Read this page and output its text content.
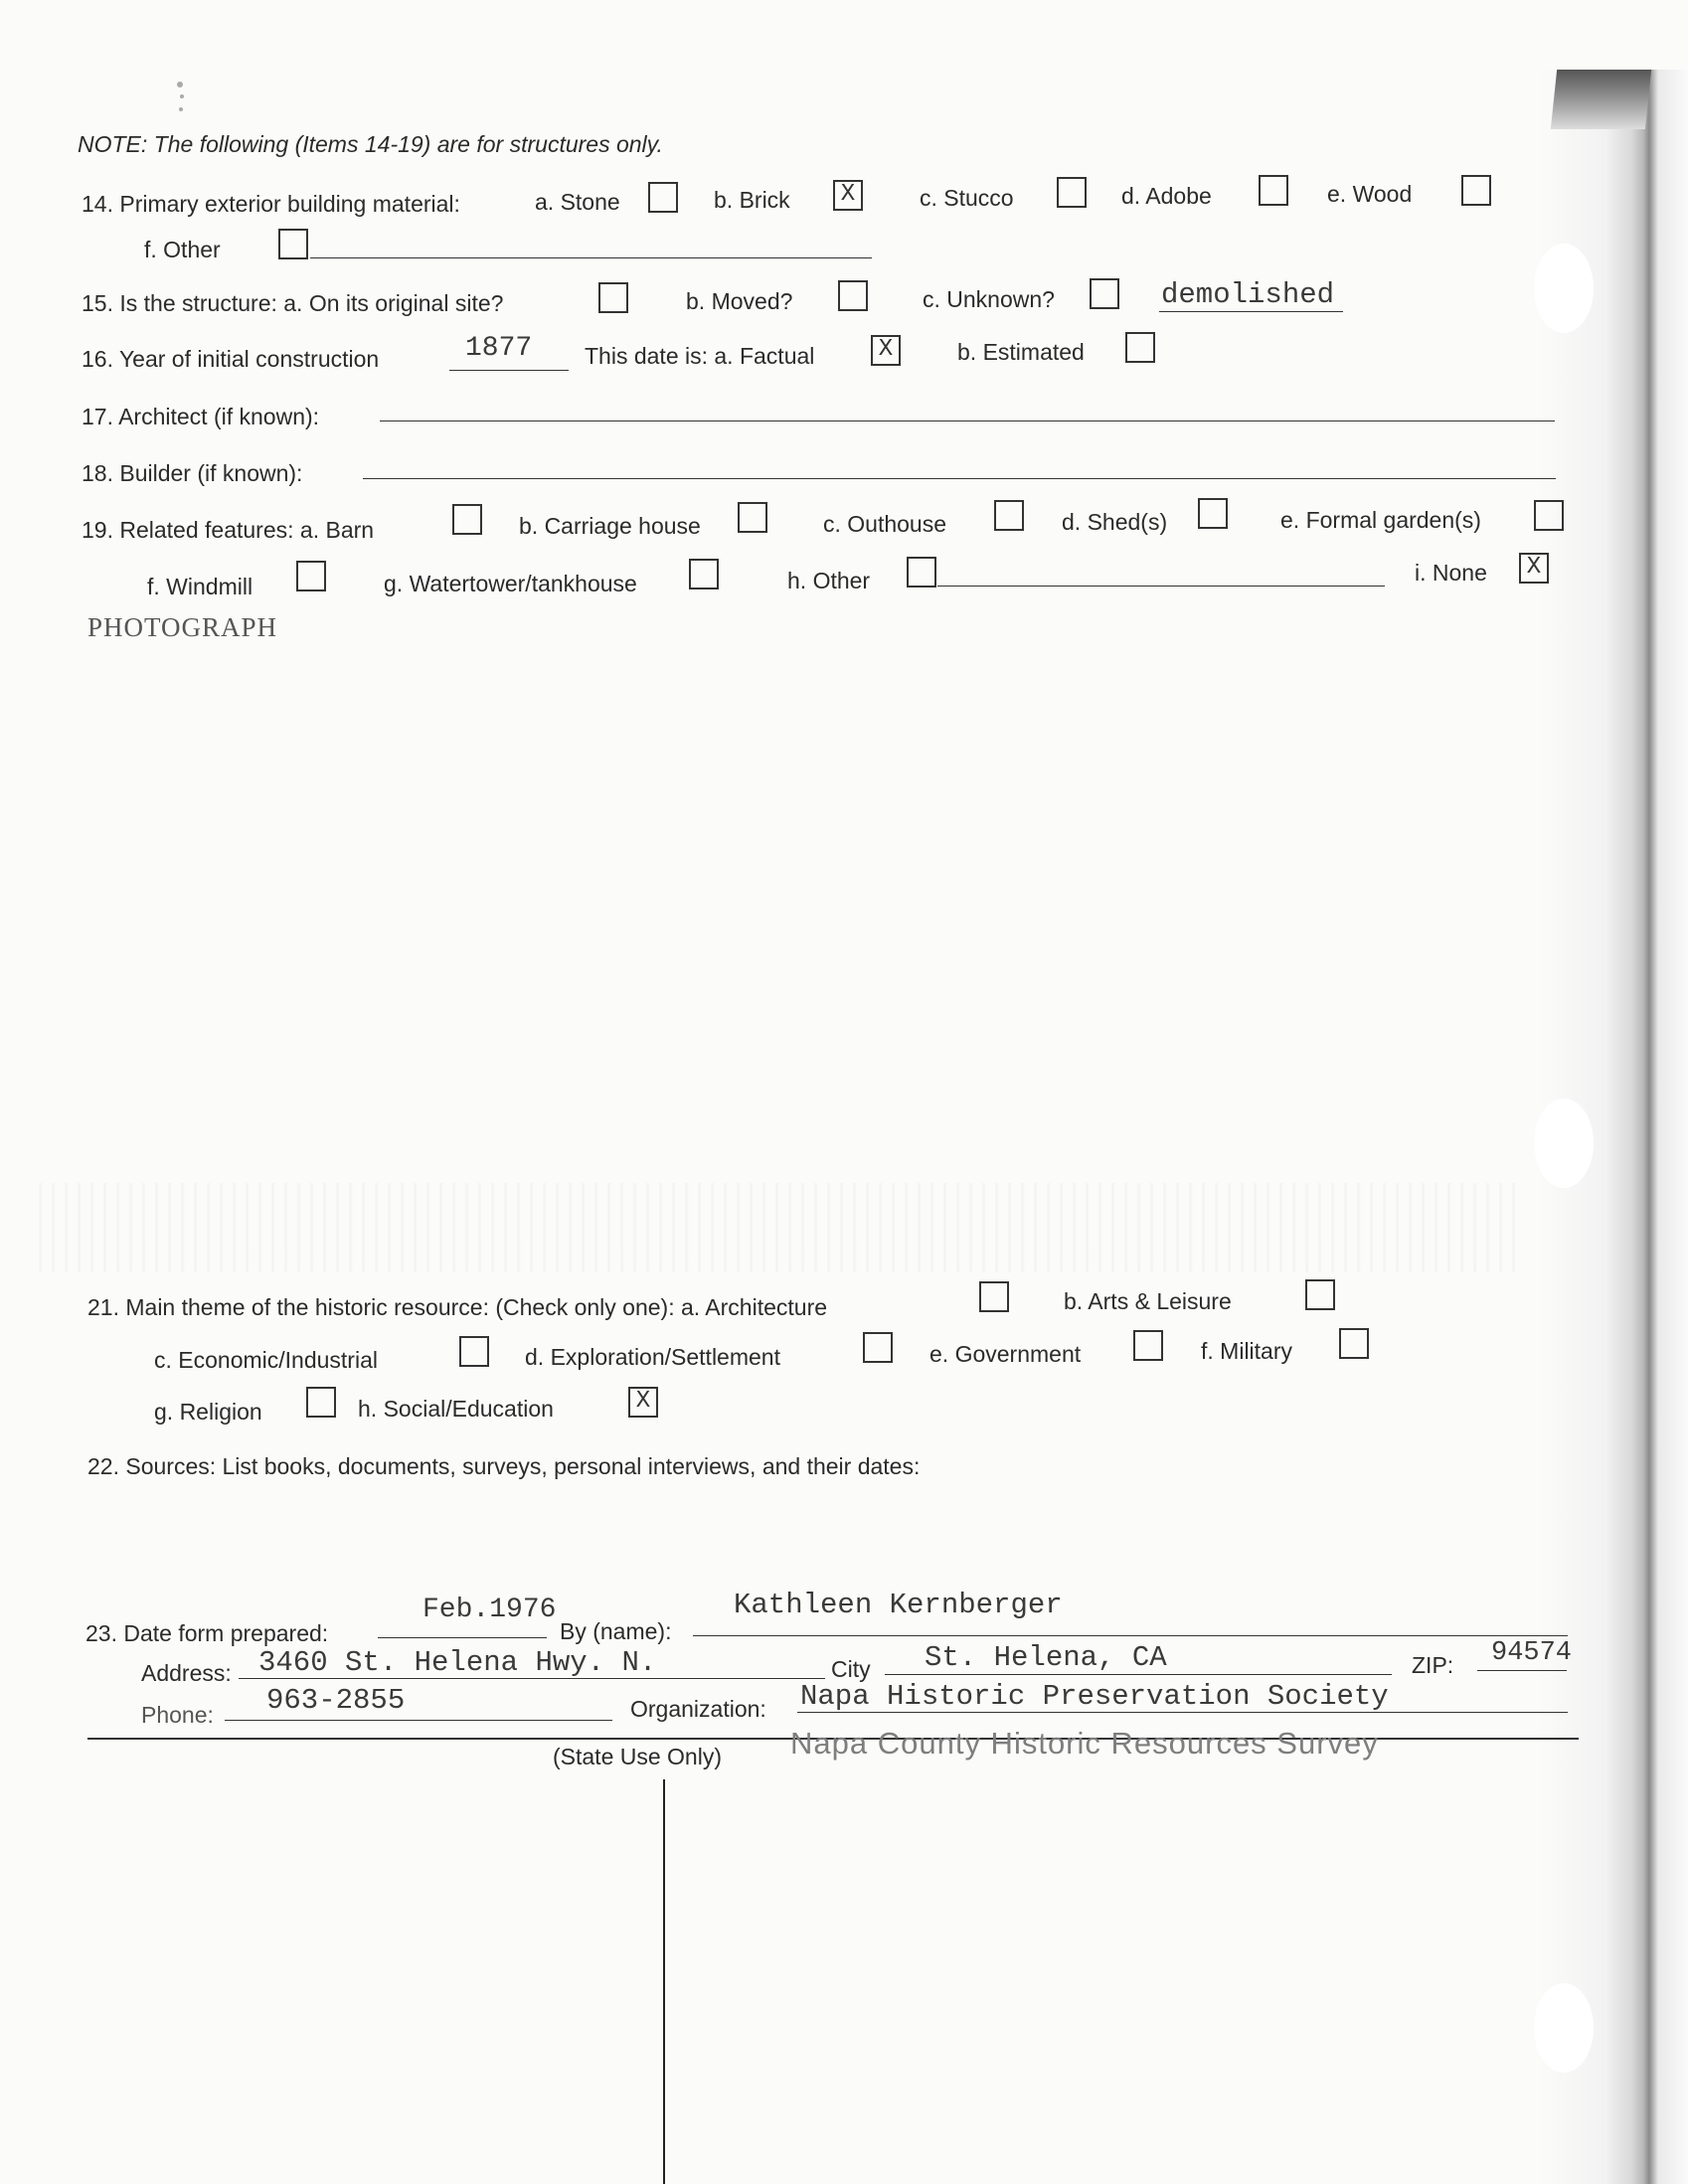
NOTE: The following (Items 14-19) are for structures only.
14. Primary exterior building material:	a. Stone	b. Brick	X	c. Stucco	d. Adobe	e. Wood
f. Other
15. Is the structure: a. On its original site?	b. Moved?	c. Unknown?	demolished
16. Year of initial construction	1877 This date is: a. Factual	X	b. Estimated
17. Architect (if known):
18. Builder (if known):
19. Related features: a. Barn	b. Carriage house	c. Outhouse	d. Shed(s)	e. Formal garden(s)
f. Windmill	g. Watertower/tankhouse	h. Other	i. None	X
PHOTOGRAPH
21. Main theme of the historic resource: (Check only one): a. Architecture	b. Arts & Leisure
c. Economic/Industrial	d. Exploration/Settlement	e. Government	f. Military
g. Religion	h. Social/Education	X
22. Sources: List books, documents, surveys, personal interviews, and their dates:
Feb.1976	Kathleen Kernberger
23. Date form prepared:	By (name):
Address: 3460 St. Helena Hwy. N.	City St. Helena, CA	ZIP: 94574
Phone: 963-2855	Organization: Napa Historic Preservation Society
Napa County Historic Resources Survey
(State Use Only)
